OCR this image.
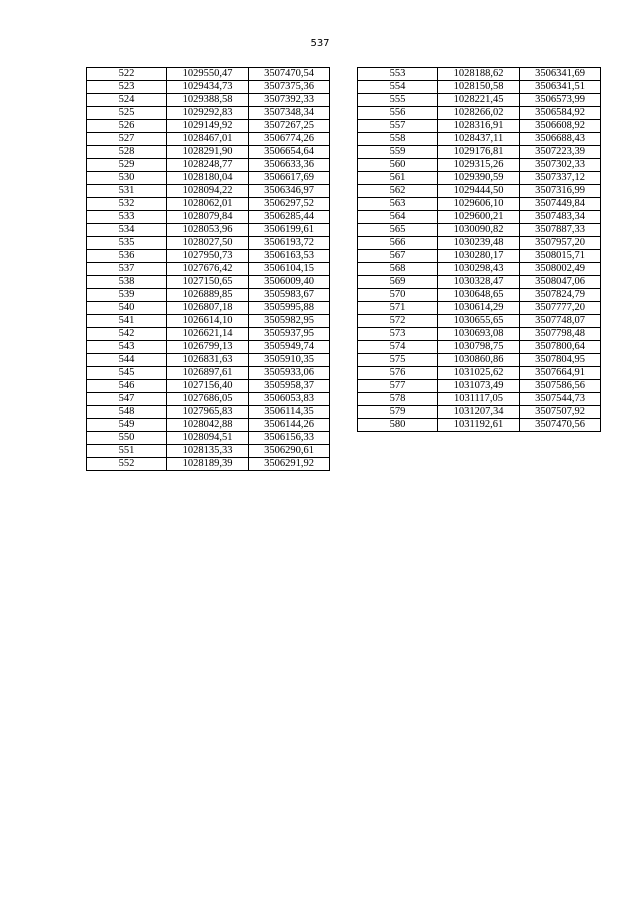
537
522	1029550,47	3507470,54
523	1029434,73	3507375,36
524	1029388,58	3507392,33
525	1029292,83	3507348,34
526	1029149,92	3507267,25
527	1028467,01	3506774,26
528	1028291,90	3506654,64
529	1028248,77	3506633,36
530	1028180,04	3506617,69
531	1028094,22	3506346,97
532	1028062,01	3506297,52
533	1028079,84	3506285,44
534	1028053,96	3506199,61
535	1028027,50	3506193,72
536	1027950,73	3506163,53
537	1027676,42	3506104,15
538	1027150,65	3506009,40
539	1026889,85	3505983,67
540	1026807,18	3505995,88
541	1026614,10	3505982,95
542	1026621,14	3505937,95
543	1026799,13	3505949,74
544	1026831,63	3505910,35
545	1026897,61	3505933,06
546	1027156,40	3505958,37
547	1027686,05	3506053,83
548	1027965,83	3506114,35
549	1028042,88	3506144,26
550	1028094,51	3506156,33
551	1028135,33	3506290,61
552	1028189,39	3506291,92
553	1028188,62	3506341,69
554	1028150,58	3506341,51
555	1028221,45	3506573,99
556	1028266,02	3506584,92
557	1028316,91	3506608,92
558	1028437,11	3506688,43
559	1029176,81	3507223,39
560	1029315,26	3507302,33
561	1029390,59	3507337,12
562	1029444,50	3507316,99
563	1029606,10	3507449,84
564	1029600,21	3507483,34
565	1030090,82	3507887,33
566	1030239,48	3507957,20
567	1030280,17	3508015,71
568	1030298,43	3508002,49
569	1030328,47	3508047,06
570	1030648,65	3507824,79
571	1030614,29	3507777,20
572	1030655,65	3507748,07
573	1030693,08	3507798,48
574	1030798,75	3507800,64
575	1030860,86	3507804,95
576	1031025,62	3507664,91
577	1031073,49	3507586,56
578	1031117,05	3507544,73
579	1031207,34	3507507,92
580	1031192,61	3507470,56
